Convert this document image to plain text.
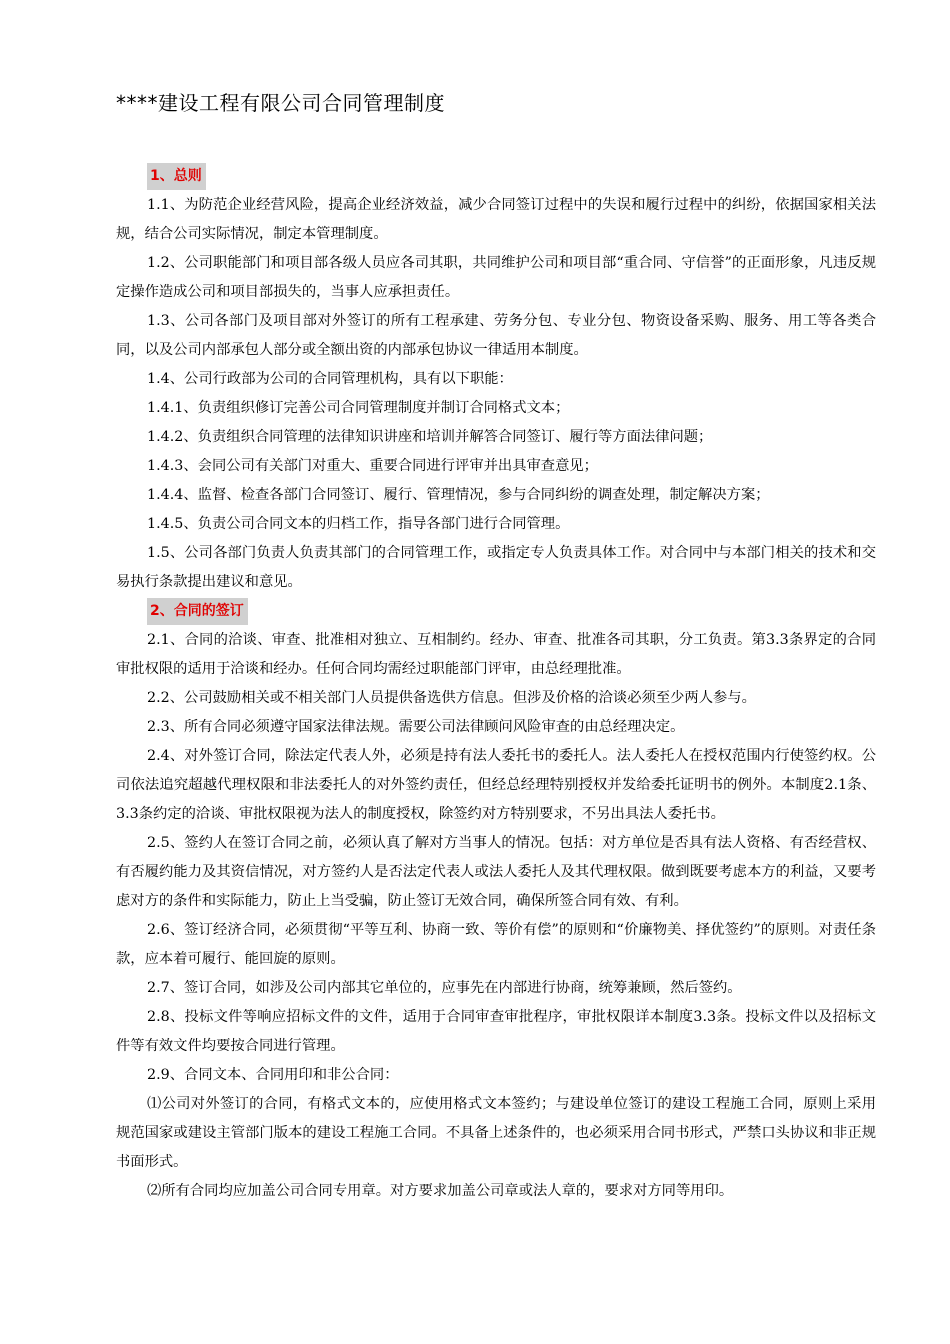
****建设工程有限公司合同管理制度
1、总则

1.1、为防范企业经营风险，提高企业经济效益，减少合同签订过程中的失误和履行过程中的纠纷，依据国家相关法规，结合公司实际情况，制定本管理制度。

1.2、公司职能部门和项目部各级人员应各司其职，共同维护公司和项目部“重合同、守信誉”的正面形象，凡违反规定操作造成公司和项目部损失的，当事人应承担责任。

1.3、公司各部门及项目部对外签订的所有工程承建、劳务分包、专业分包、物资设备采购、服务、用工等各类合同，以及公司内部承包人部分或全额出资的内部承包协议一律适用本制度。

1.4、公司行政部为公司的合同管理机构，具有以下职能：

1.4.1、负责组织修订完善公司合同管理制度并制订合同格式文本；

1.4.2、负责组织合同管理的法律知识讲座和培训并解答合同签订、履行等方面法律问题；

1.4.3、会同公司有关部门对重大、重要合同进行评审并出具审查意见；

1.4.4、监督、检查各部门合同签订、履行、管理情况，参与合同纠纷的调查处理，制定解决方案；

1.4.5、负责公司合同文本的归档工作，指导各部门进行合同管理。

1.5、公司各部门负责人负责其部门的合同管理工作，或指定专人负责具体工作。对合同中与本部门相关的技术和交易执行条款提出建议和意见。

2、合同的签订

2.1、合同的洽谈、审查、批准相对独立、互相制约。经办、审查、批准各司其职，分工负责。第3.3条界定的合同审批权限的适用于洽谈和经办。任何合同均需经过职能部门评审，由总经理批准。

2.2、公司鼓励相关或不相关部门人员提供备选供方信息。但涉及价格的洽谈必须至少两人参与。

2.3、所有合同必须遵守国家法律法规。需要公司法律顾问风险审查的由总经理决定。

2.4、对外签订合同，除法定代表人外，必须是持有法人委托书的委托人。法人委托人在授权范围内行使签约权。公司依法追究超越代理权限和非法委托人的对外签约责任，但经总经理特别授权并发给委托证明书的例外。本制度2.1条、3.3条约定的洽谈、审批权限视为法人的制度授权，除签约对方特别要求，不另出具法人委托书。

2.5、签约人在签订合同之前，必须认真了解对方当事人的情况。包括：对方单位是否具有法人资格、有否经营权、有否履约能力及其资信情况，对方签约人是否法定代表人或法人委托人及其代理权限。做到既要考虑本方的利益，又要考虑对方的条件和实际能力，防止上当受骗，防止签订无效合同，确保所签合同有效、有利。

2.6、签订经济合同，必须贯彻“平等互利、协商一致、等价有偿”的原则和“价廉物美、择优签约”的原则。对责任条款，应本着可履行、能回旋的原则。

2.7、签订合同，如涉及公司内部其它单位的，应事先在内部进行协商，统筹兼顾，然后签约。

2.8、投标文件等响应招标文件的文件，适用于合同审查审批程序，审批权限详本制度3.3条。投标文件以及招标文件等有效文件均要按合同进行管理。

2.9、合同文本、合同用印和非公合同：

⑴公司对外签订的合同，有格式文本的，应使用格式文本签约；与建设单位签订的建设工程施工合同，原则上采用规范国家或建设主管部门版本的建设工程施工合同。不具备上述条件的，也必须采用合同书形式，严禁口头协议和非正规书面形式。

⑵所有合同均应加盖公司合同专用章。对方要求加盖公司章或法人章的，要求对方同等用印。
